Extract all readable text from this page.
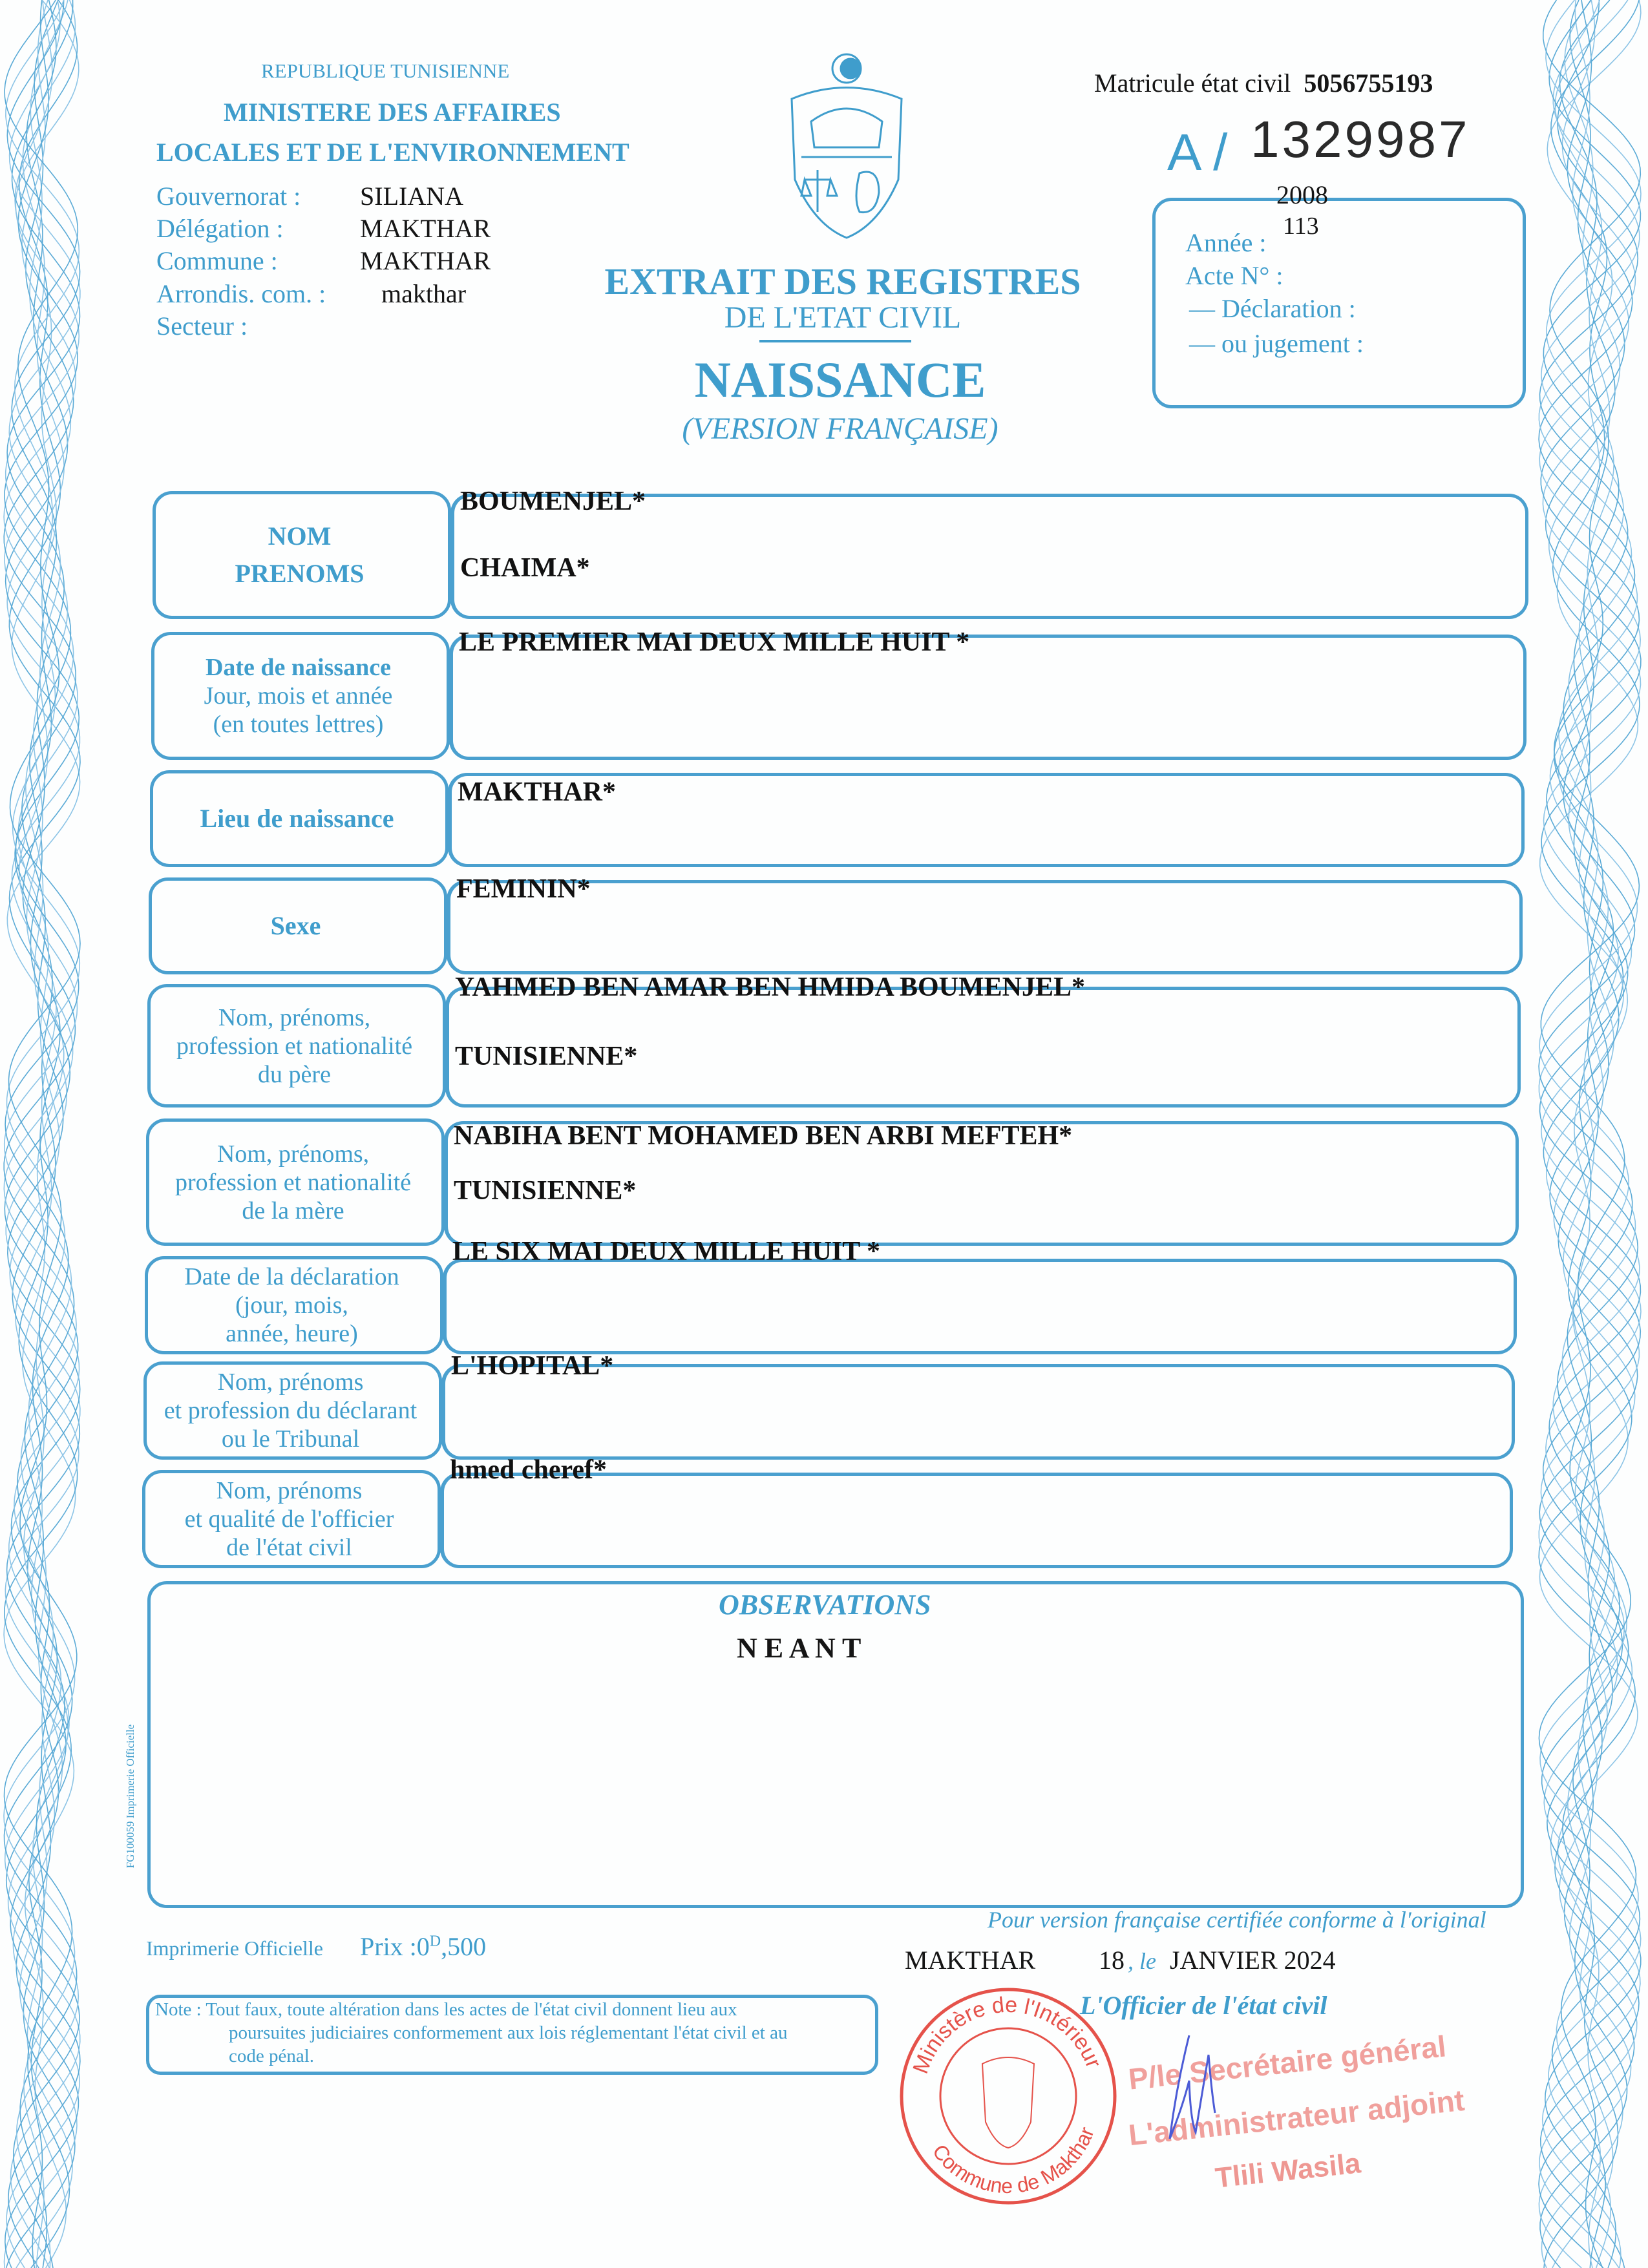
REPUBLIQUE TUNISIENNE
MINISTERE DES AFFAIRES
LOCALES ET DE L'ENVIRONNEMENT
Gouvernorat :
Délégation :
Commune :
Arrondis. com. :
Secteur :
SILIANA
MAKTHAR
MAKTHAR
makthar	EXTRAIT DES REGISTRES
DE L'ETAT CIVIL
NAISSANCE
(VERSION FRANÇAISE)
Matricule état civil 5056755193
A / 1329987
2008
Année :
113
Acte N° :
— Déclaration :
— ou jugement :
NOM
PRENOMS
BOUMENJEL*
CHAIMA*
Date de naissance
Jour, mois et année
(en toutes lettres)
LE PREMIER MAI DEUX MILLE HUIT *
Lieu de naissance
MAKTHAR*
Sexe
FEMININ*
Nom, prénoms,
profession et nationalité
du père
YAHMED BEN AMAR BEN HMIDA BOUMENJEL*
TUNISIENNE*
Nom, prénoms,
profession et nationalité
de la mère
NABIHA BENT MOHAMED BEN ARBI MEFTEH*
TUNISIENNE*
Date de la déclaration
(jour, mois,
année, heure)
LE SIX MAI DEUX MILLE HUIT *
Nom, prénoms
et profession du déclarant
ou le Tribunal
L'HOPITAL*
Nom, prénoms
et qualité de l'officier
de l'état civil
hmed cheref*
OBSERVATIONS
N E A N T
FG100059 Imprimerie Officielle
Imprimerie Officielle Prix $:0^D,500$
Pour version française certifiée conforme à l'original
MAKTHAR 18 , le JANVIER 2024
Note : Tout faux, toute altération dans les actes de l'état civil donnent lieu aux
poursuites judiciaires conformement aux lois réglementant l'état civil et au
code pénal.
L'Officier de l'état civil
Ministère de l'Intérieur
Commune de Makthar
P/le Secrétaire général
L'administrateur adjoint
Tlili Wasila
